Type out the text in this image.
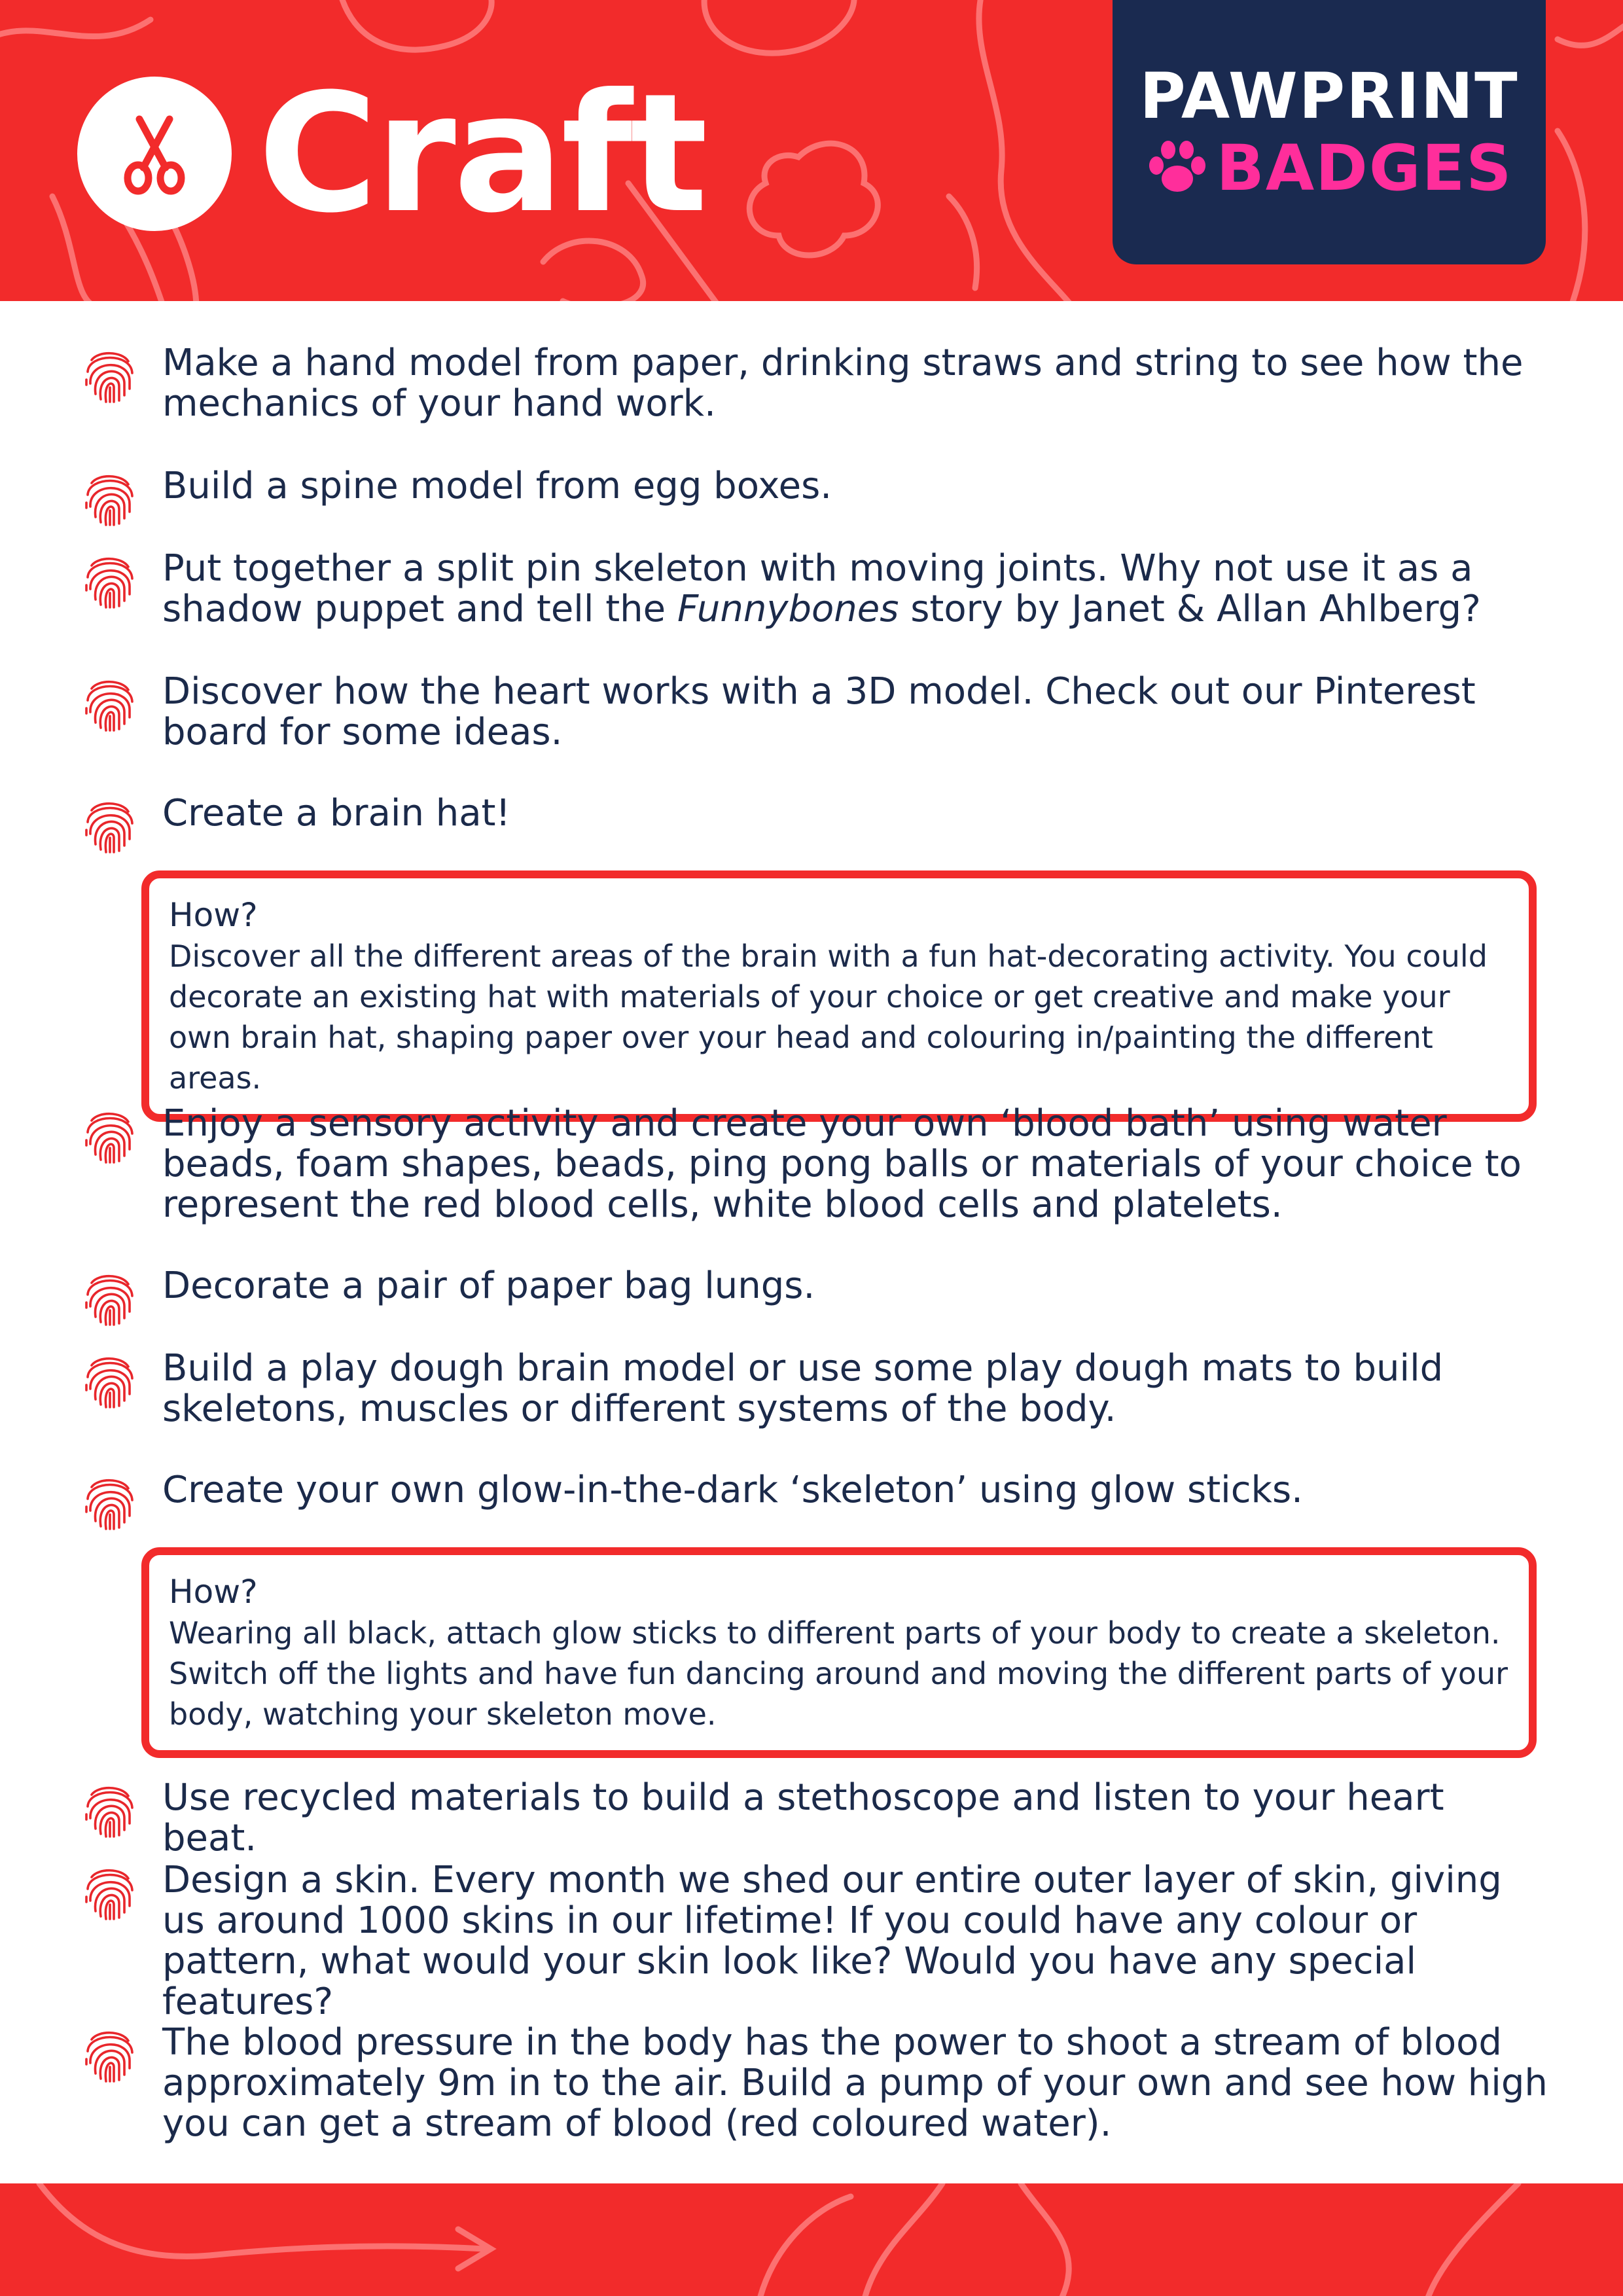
Craft	PAWPRINT
BADGES
Make a hand model from paper, drinking straws and string to see how the mechanics of your hand work.
Build a spine model from egg boxes.
Put together a split pin skeleton with moving joints. Why not use it as a shadow puppet and tell the Funnybones story by Janet & Allan Ahlberg?
Discover how the heart works with a 3D model. Check out our Pinterest board for some ideas.
Create a brain hat!
How?
Discover all the different areas of the brain with a fun hat-decorating activity. You could decorate an existing hat with materials of your choice or get creative and make your own brain hat, shaping paper over your head and colouring in/painting the different areas.
Enjoy a sensory activity and create your own ‘blood bath’ using water beads, foam shapes, beads, ping pong balls or materials of your choice to represent the red blood cells, white blood cells and platelets.
Decorate a pair of paper bag lungs.
Build a play dough brain model or use some play dough mats to build skeletons, muscles or different systems of the body.
Create your own glow-in-the-dark ‘skeleton’ using glow sticks.
How?
Wearing all black, attach glow sticks to different parts of your body to create a skeleton. Switch off the lights and have fun dancing around and moving the different parts of your body, watching your skeleton move.
Use recycled materials to build a stethoscope and listen to your heart beat.
Design a skin. Every month we shed our entire outer layer of skin, giving us around 1000 skins in our lifetime! If you could have any colour or pattern, what would your skin look like? Would you have any special features?
The blood pressure in the body has the power to shoot a stream of blood approximately 9m in to the air. Build a pump of your own and see how high you can get a stream of blood (red coloured water).
